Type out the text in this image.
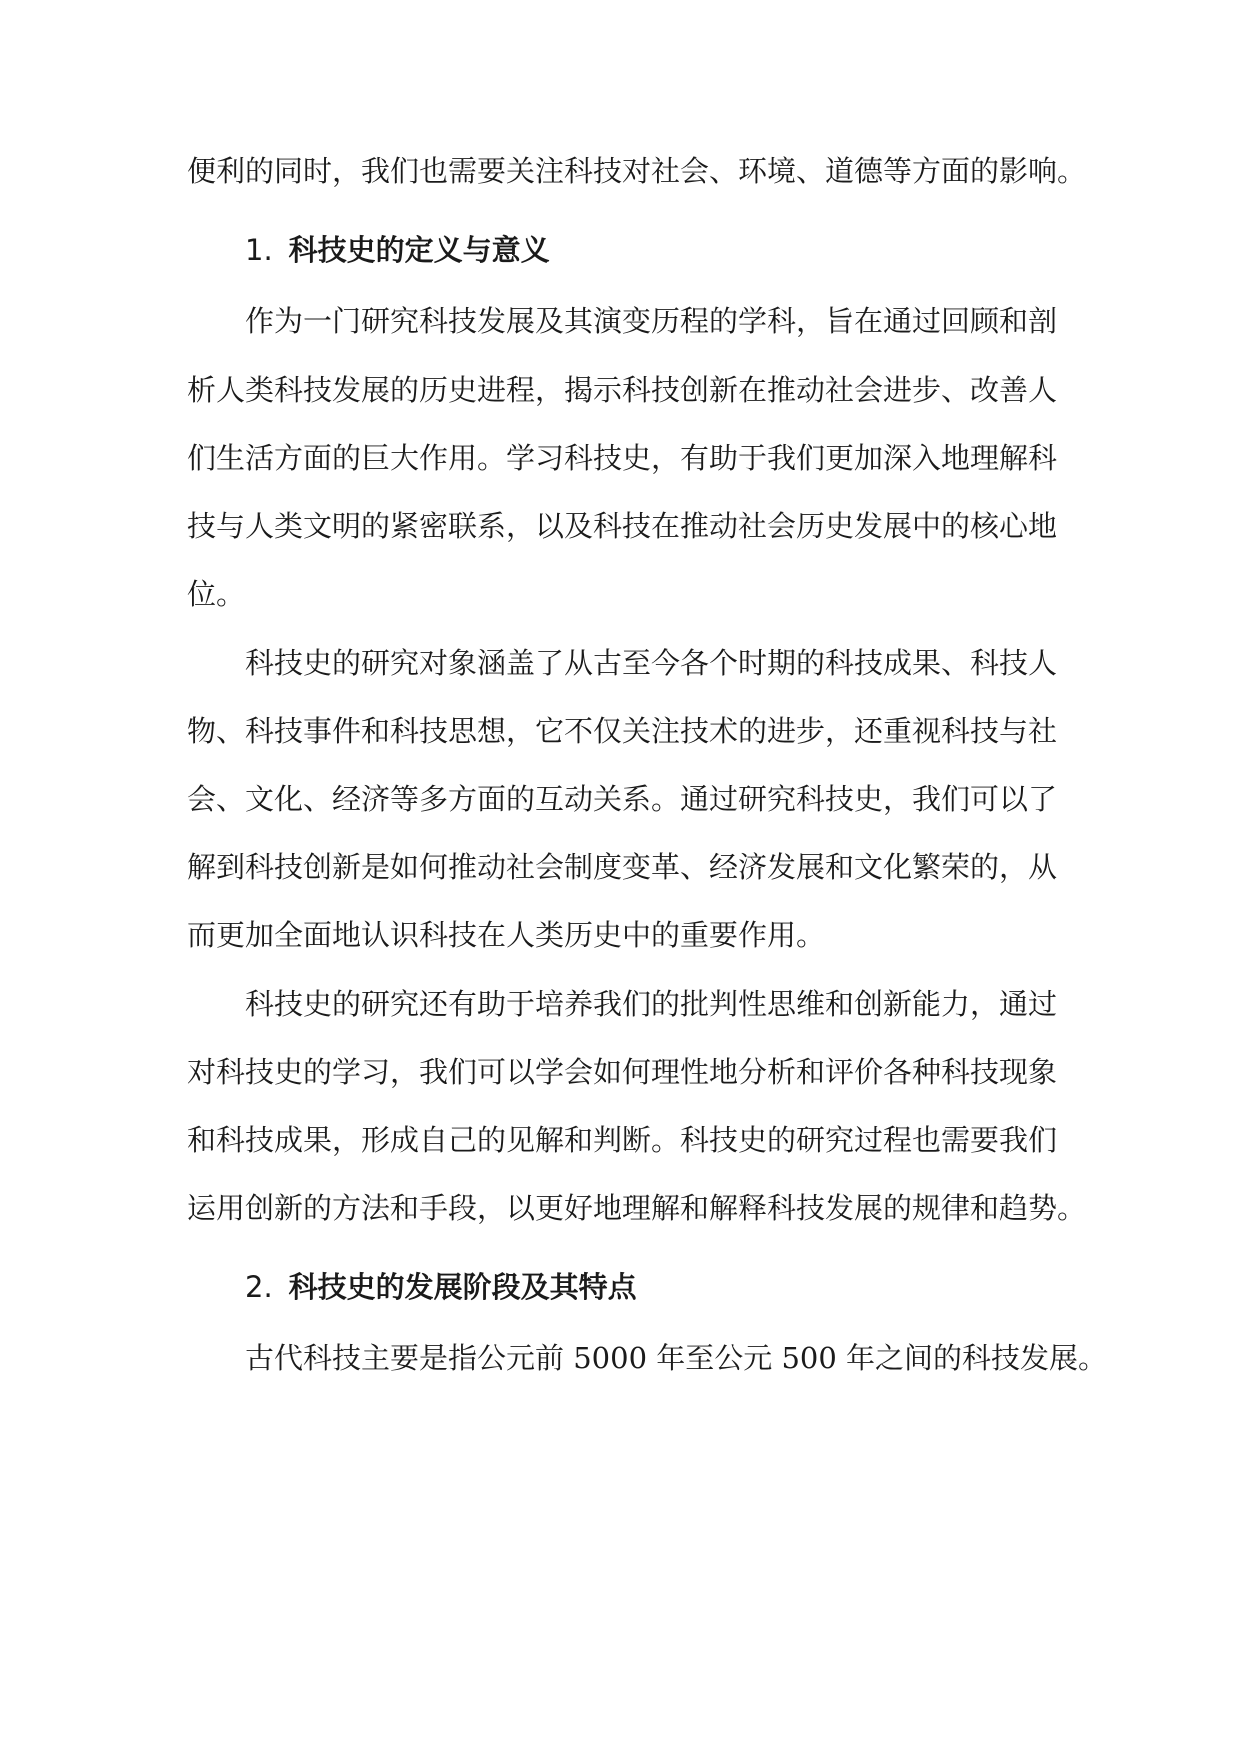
便利的同时，我们也需要关注科技对社会、环境、道德等方面的影响。
1. 科技史的定义与意义
作为一门研究科技发展及其演变历程的学科，旨在通过回顾和剖
析人类科技发展的历史进程，揭示科技创新在推动社会进步、改善人
们生活方面的巨大作用。学习科技史，有助于我们更加深入地理解科
技与人类文明的紧密联系，以及科技在推动社会历史发展中的核心地
位。
科技史的研究对象涵盖了从古至今各个时期的科技成果、科技人
物、科技事件和科技思想，它不仅关注技术的进步，还重视科技与社
会、文化、经济等多方面的互动关系。通过研究科技史，我们可以了
解到科技创新是如何推动社会制度变革、经济发展和文化繁荣的，从
而更加全面地认识科技在人类历史中的重要作用。
科技史的研究还有助于培养我们的批判性思维和创新能力，通过
对科技史的学习，我们可以学会如何理性地分析和评价各种科技现象
和科技成果，形成自己的见解和判断。科技史的研究过程也需要我们
运用创新的方法和手段，以更好地理解和解释科技发展的规律和趋势。
2. 科技史的发展阶段及其特点
古代科技主要是指公元前 5000 年至公元 500 年之间的科技发展。
